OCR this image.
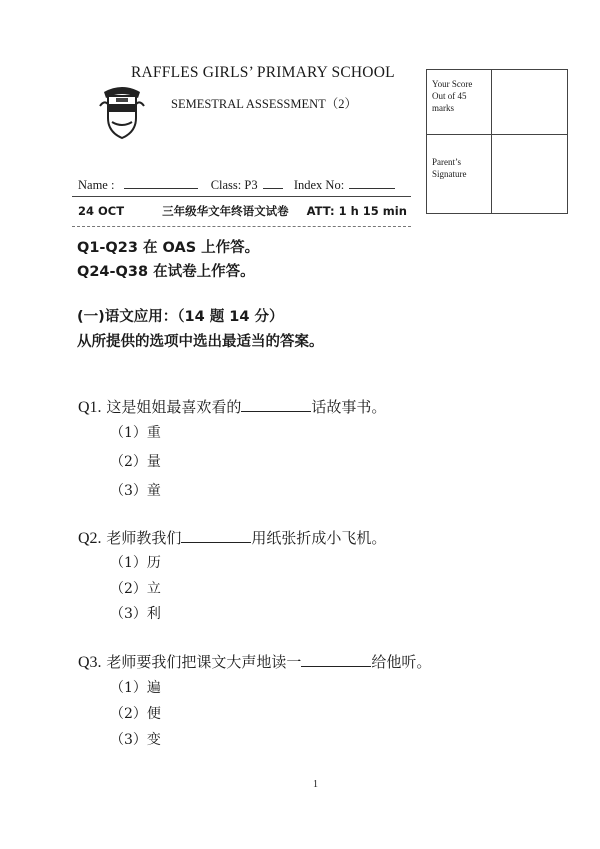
RAFFLES GIRLS’ PRIMARY SCHOOL
SEMESTRAL ASSESSMENT（2）
Name :	Class: P3	Index No:
24 OCT	三年级华文年终语文试卷 ATT: 1 h 15 min
Your Score Out of 45 marks
Parent’s Signature
Q1-Q23 在 OAS 上作答。
Q24-Q38 在试卷上作答。
(一)语文应用：（14 题 14 分）
从所提供的选项中选出最适当的答案。
Q1. 这是姐姐最喜欢看的	话故事书。
（1）重
（2）量
（3）童
Q2. 老师教我们	用纸张折成小飞机。
（1）历
（2）立
（3）利
Q3. 老师要我们把课文大声地读一	给他听。
（1）遍
（2）便
（3）变
1
